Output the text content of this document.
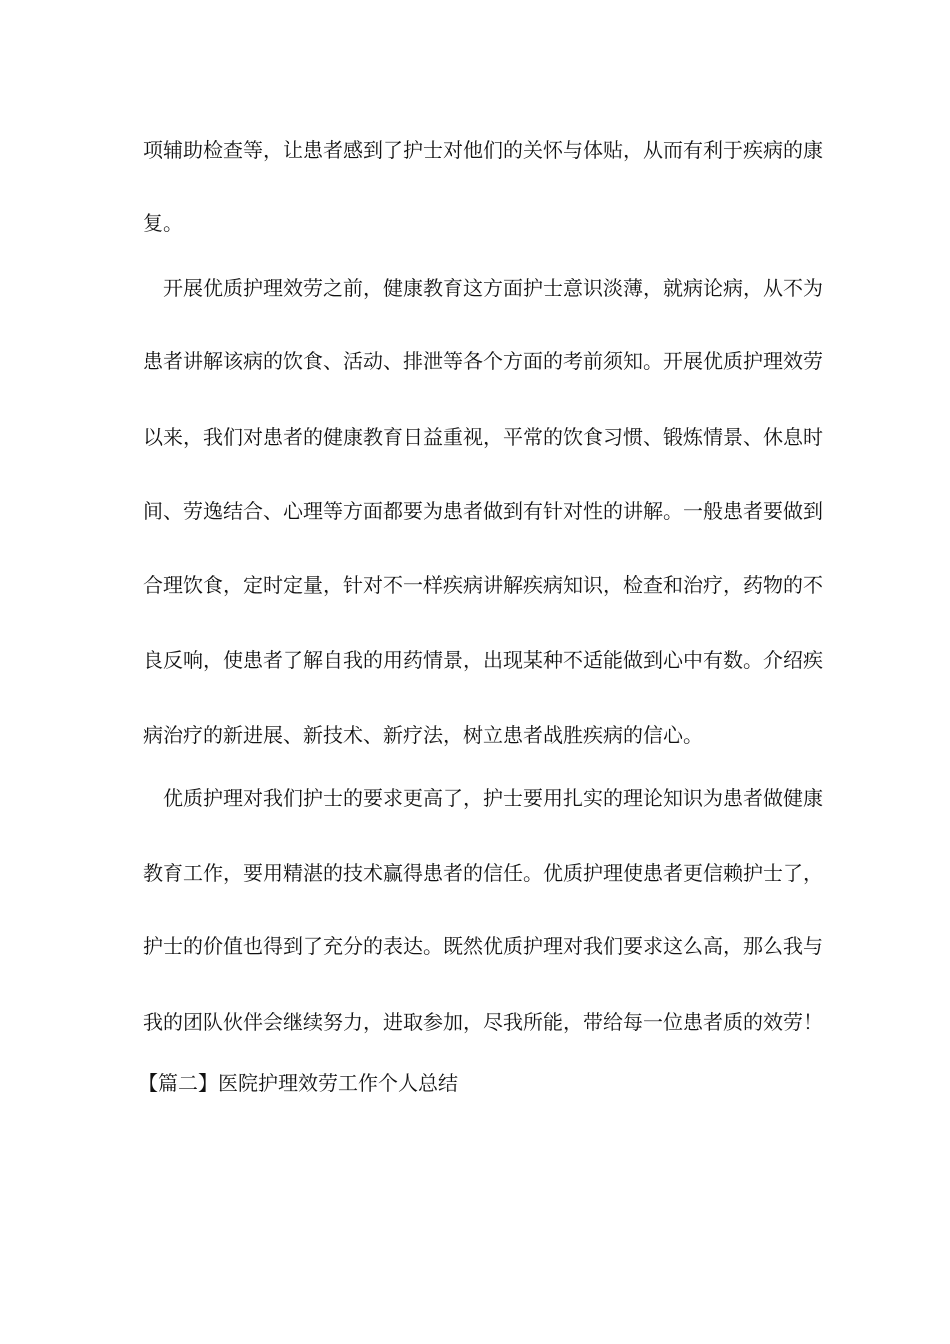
项辅助检查等，让患者感到了护士对他们的关怀与体贴，从而有利于疾病的康
复。
开展优质护理效劳之前，健康教育这方面护士意识淡薄，就病论病，从不为
患者讲解该病的饮食、活动、排泄等各个方面的考前须知。开展优质护理效劳
以来，我们对患者的健康教育日益重视，平常的饮食习惯、锻炼情景、休息时
间、劳逸结合、心理等方面都要为患者做到有针对性的讲解。一般患者要做到
合理饮食，定时定量，针对不一样疾病讲解疾病知识，检查和治疗，药物的不
良反响，使患者了解自我的用药情景，出现某种不适能做到心中有数。介绍疾
病治疗的新进展、新技术、新疗法，树立患者战胜疾病的信心。
优质护理对我们护士的要求更高了，护士要用扎实的理论知识为患者做健康
教育工作，要用精湛的技术赢得患者的信任。优质护理使患者更信赖护士了，
护士的价值也得到了充分的表达。既然优质护理对我们要求这么高，那么我与
我的团队伙伴会继续努力，进取参加，尽我所能，带给每一位患者质的效劳！
【篇二】医院护理效劳工作个人总结
